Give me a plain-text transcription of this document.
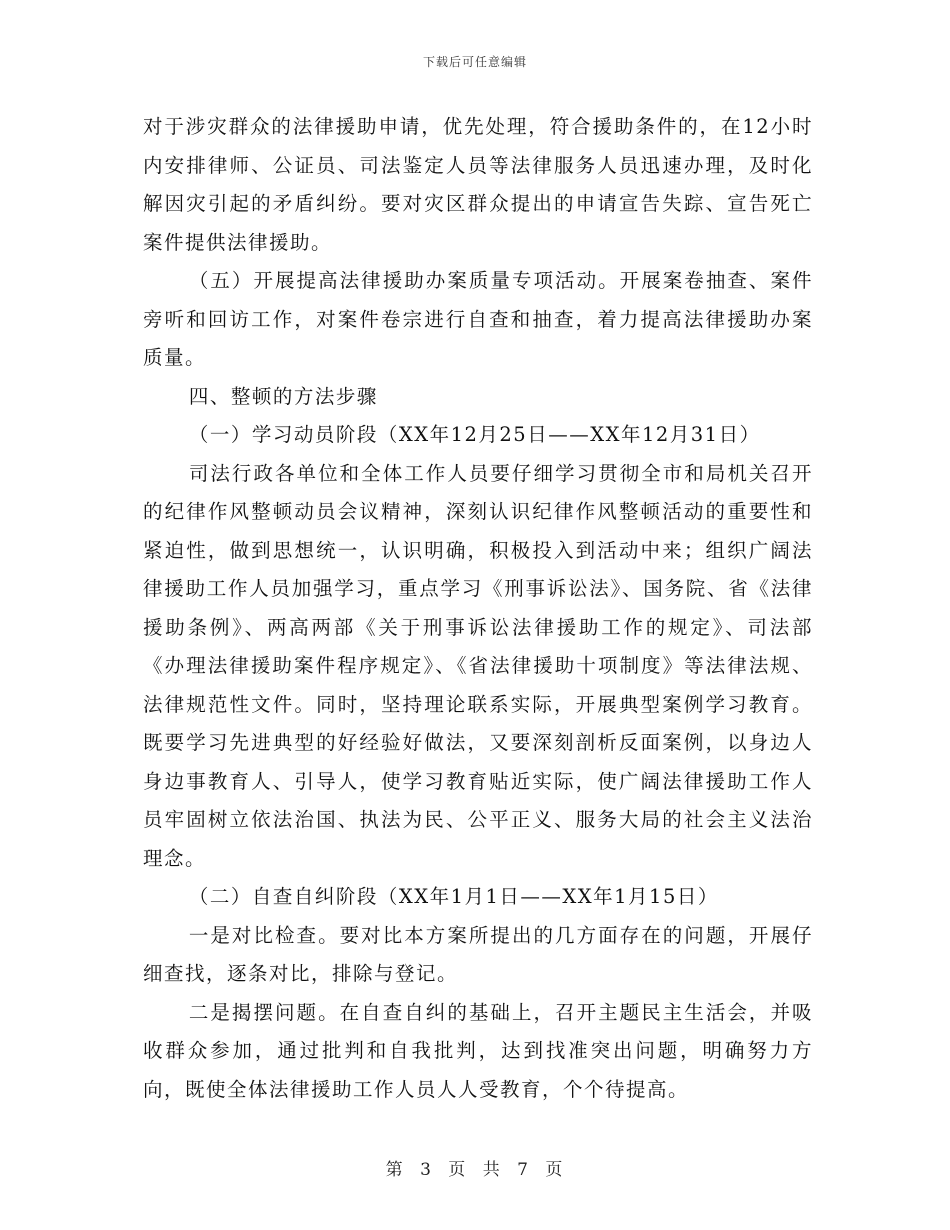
下载后可任意编辑

对于涉灾群众的法律援助申请，优先处理，符合援助条件的，在12小时内安排律师、公证员、司法鉴定人员等法律服务人员迅速办理，及时化解因灾引起的矛盾纠纷。要对灾区群众提出的申请宣告失踪、宣告死亡案件提供法律援助。

（五）开展提高法律援助办案质量专项活动。开展案卷抽查、案件旁听和回访工作，对案件卷宗进行自查和抽查，着力提高法律援助办案质量。

四、整顿的方法步骤

（一）学习动员阶段（XX年12月25日——XX年12月31日）

司法行政各单位和全体工作人员要仔细学习贯彻全市和局机关召开的纪律作风整顿动员会议精神，深刻认识纪律作风整顿活动的重要性和紧迫性，做到思想统一，认识明确，积极投入到活动中来；组织广阔法律援助工作人员加强学习，重点学习《刑事诉讼法》、国务院、省《法律援助条例》、两高两部《关于刑事诉讼法律援助工作的规定》、司法部《办理法律援助案件程序规定》、《省法律援助十项制度》等法律法规、法律规范性文件。同时，坚持理论联系实际，开展典型案例学习教育。既要学习先进典型的好经验好做法，又要深刻剖析反面案例，以身边人身边事教育人、引导人，使学习教育贴近实际，使广阔法律援助工作人员牢固树立依法治国、执法为民、公平正义、服务大局的社会主义法治理念。

（二）自查自纠阶段（XX年1月1日——XX年1月15日）

一是对比检查。要对比本方案所提出的几方面存在的问题，开展仔细查找，逐条对比，排除与登记。

二是揭摆问题。在自查自纠的基础上，召开主题民主生活会，并吸收群众参加，通过批判和自我批判，达到找准突出问题，明确努力方向，既使全体法律援助工作人员人人受教育，个个待提高。

第 3 页 共 7 页
